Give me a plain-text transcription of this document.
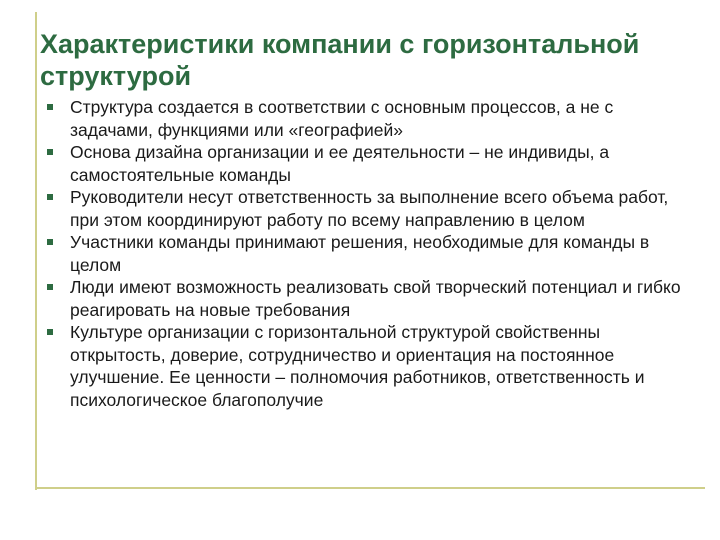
Характеристики компании с горизонтальной структурой
Структура создается в соответствии с основным процессов, а не с задачами, функциями или «географией»
Основа дизайна организации и ее деятельности – не индивиды, а самостоятельные команды
Руководители несут ответственность за выполнение всего объема работ, при этом координируют работу по всему направлению в целом
Участники команды принимают решения, необходимые для команды в целом
Люди имеют возможность реализовать свой творческий потенциал и гибко реагировать на новые требования
Культуре организации с горизонтальной структурой свойственны открытость, доверие, сотрудничество и ориентация на постоянное улучшение. Ее ценности – полномочия работников, ответственность и психологическое благополучие
